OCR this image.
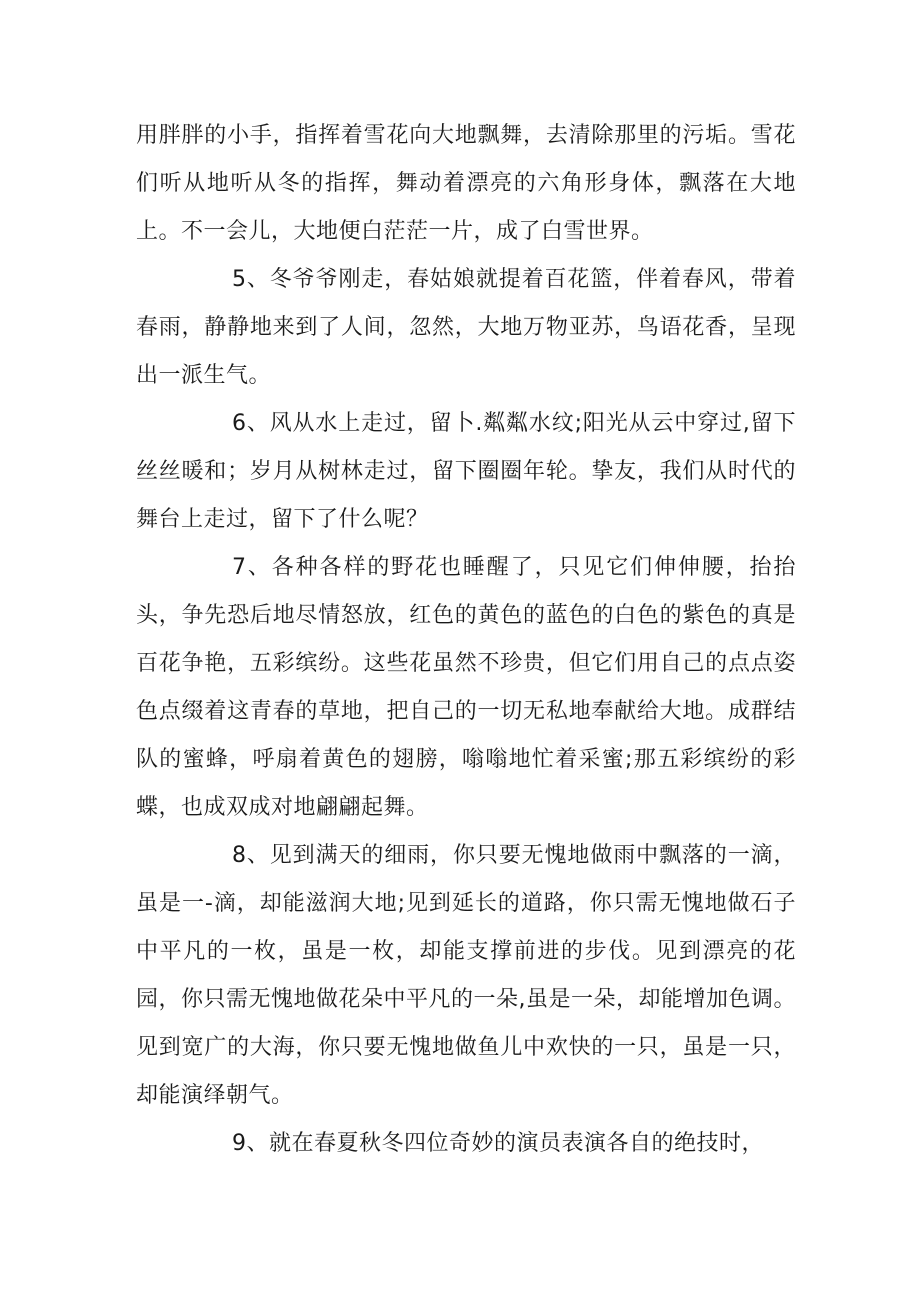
用胖胖的小手，指挥着雪花向大地飘舞，去清除那里的污垢。雪花们听从地听从冬的指挥，舞动着漂亮的六角形身体，飘落在大地上。不一会儿，大地便白茫茫一片，成了白雪世界。

5、冬爷爷刚走，春姑娘就提着百花篮，伴着春风，带着春雨，静静地来到了人间，忽然，大地万物亚苏，鸟语花香，呈现出一派生气。

6、风从水上走过，留卜.粼粼水纹;阳光从云中穿过,留下丝丝暖和；岁月从树林走过，留下圈圈年轮。挚友，我们从时代的舞台上走过，留下了什么呢？

7、各种各样的野花也睡醒了，只见它们伸伸腰，抬抬头，争先恐后地尽情怒放，红色的黄色的蓝色的白色的紫色的真是百花争艳，五彩缤纷。这些花虽然不珍贵，但它们用自己的点点姿色点缀着这青春的草地，把自己的一切无私地奉献给大地。成群结队的蜜蜂，呼扇着黄色的翅膀，嗡嗡地忙着采蜜;那五彩缤纷的彩蝶，也成双成对地翩翩起舞。

8、见到满天的细雨，你只要无愧地做雨中飘落的一滴，虽是一-滴，却能滋润大地;见到延长的道路，你只需无愧地做石子中平凡的一枚，虽是一枚，却能支撑前进的步伐。见到漂亮的花园，你只需无愧地做花朵中平凡的一朵,虽是一朵，却能增加色调。见到宽广的大海，你只要无愧地做鱼儿中欢快的一只，虽是一只，却能演绎朝气。

9、就在春夏秋冬四位奇妙的演员表演各自的绝技时，
